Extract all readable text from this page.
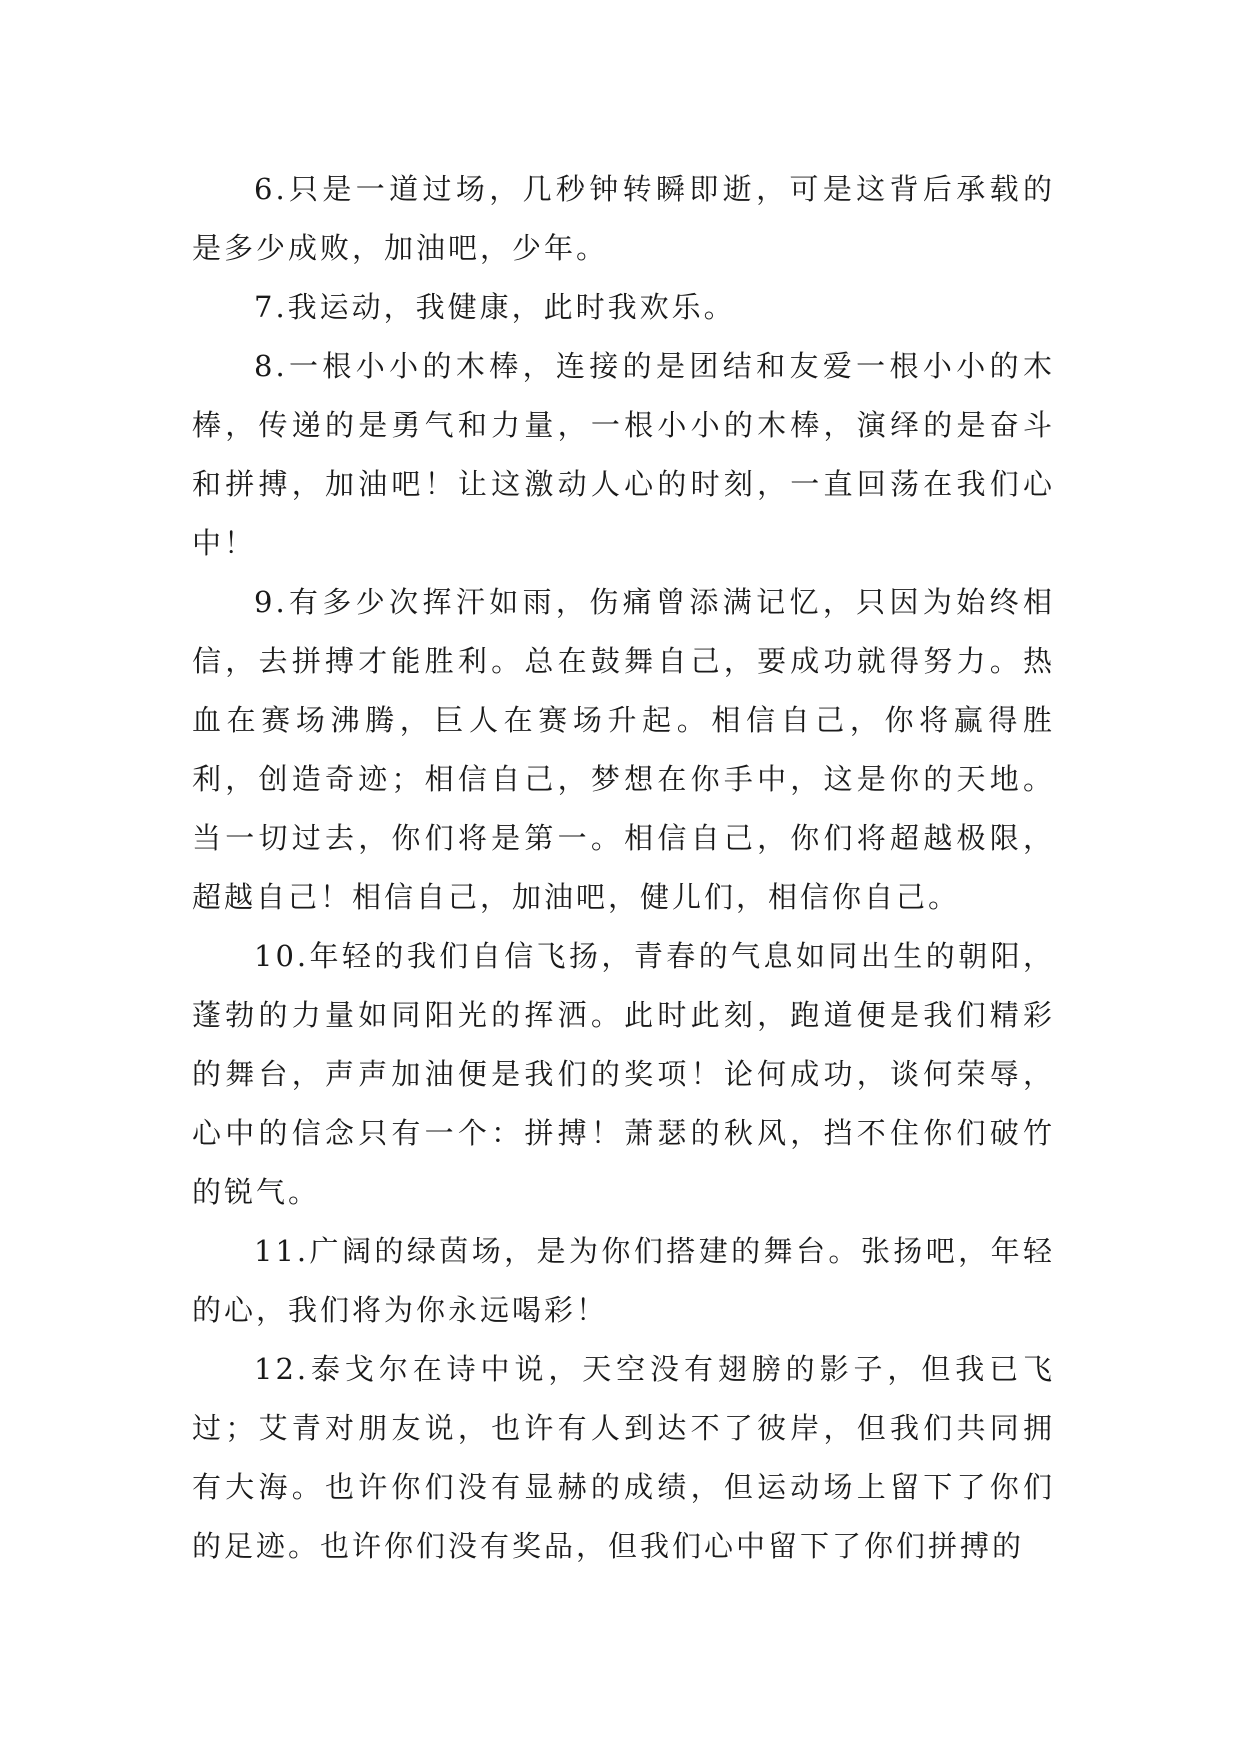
6.只是一道过场，几秒钟转瞬即逝，可是这背后承载的是多少成败，加油吧，少年。

7.我运动，我健康，此时我欢乐。

8.一根小小的木棒，连接的是团结和友爱一根小小的木棒，传递的是勇气和力量，一根小小的木棒，演绎的是奋斗和拼搏，加油吧！让这激动人心的时刻，一直回荡在我们心中！

9.有多少次挥汗如雨，伤痛曾添满记忆，只因为始终相信，去拼搏才能胜利。总在鼓舞自己，要成功就得努力。热血在赛场沸腾，巨人在赛场升起。相信自己，你将赢得胜利，创造奇迹；相信自己，梦想在你手中，这是你的天地。当一切过去，你们将是第一。相信自己，你们将超越极限，超越自己！相信自己，加油吧，健儿们，相信你自己。

10.年轻的我们自信飞扬，青春的气息如同出生的朝阳，蓬勃的力量如同阳光的挥洒。此时此刻，跑道便是我们精彩的舞台，声声加油便是我们的奖项！论何成功，谈何荣辱，心中的信念只有一个：拼搏！萧瑟的秋风，挡不住你们破竹的锐气。

11.广阔的绿茵场，是为你们搭建的舞台。张扬吧，年轻的心，我们将为你永远喝彩！

12.泰戈尔在诗中说，天空没有翅膀的影子，但我已飞过；艾青对朋友说，也许有人到达不了彼岸，但我们共同拥有大海。也许你们没有显赫的成绩，但运动场上留下了你们的足迹。也许你们没有奖品，但我们心中留下了你们拼搏的
